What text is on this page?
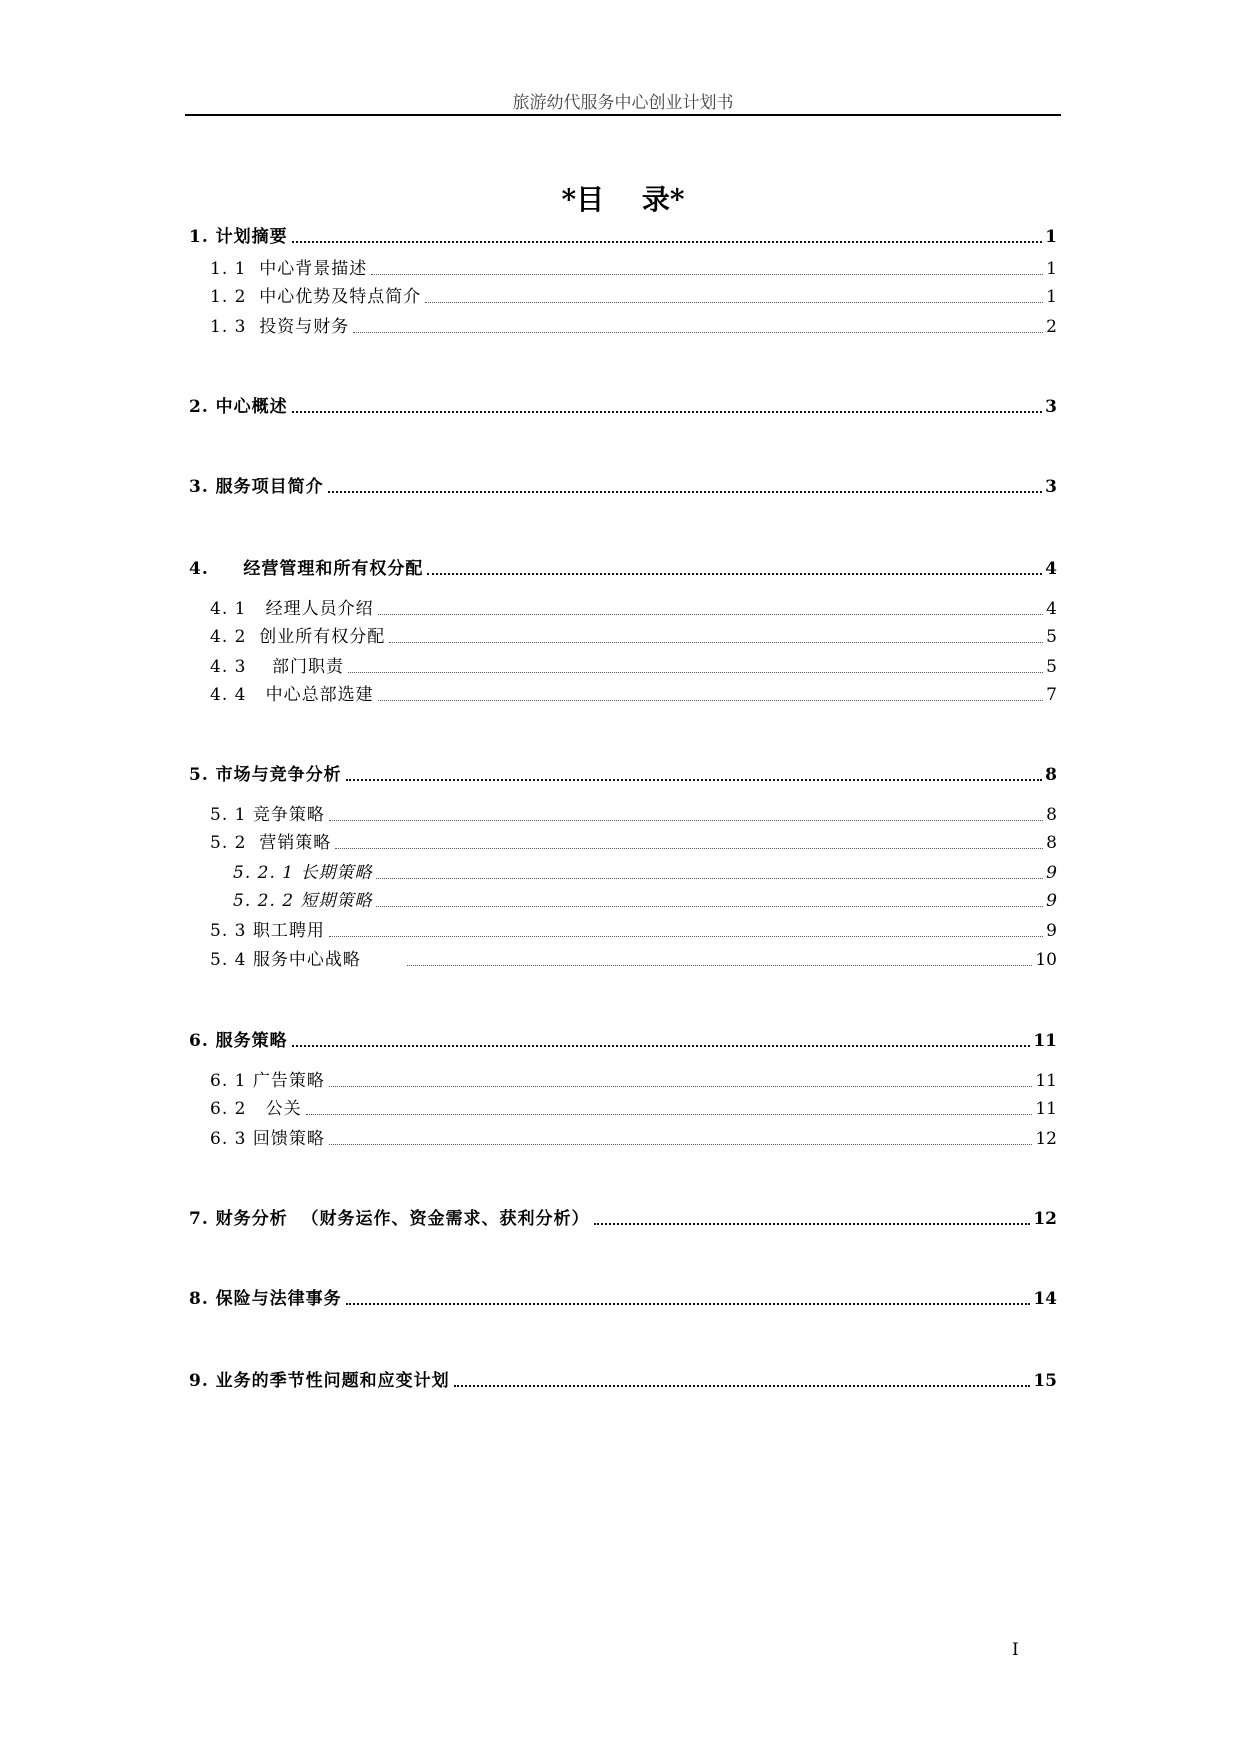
旅游幼代服务中心创业计划书
*目　 录*
1. 计划摘要	1
1. 1  中心背景描述	1
1. 2  中心优势及特点简介	1
1. 3  投资与财务	2
2. 中心概述	3
3. 服务项目简介	3
4.     经营管理和所有权分配	4
4. 1   经理人员介绍	4
4. 2  创业所有权分配	5
4. 3    部门职责	5
4. 4   中心总部选建	7
5. 市场与竞争分析	8
5. 1 竞争策略	8
5. 2  营销策略	8
5. 2. 1 长期策略	9
5. 2. 2 短期策略	9
5. 3 职工聘用	9
5. 4 服务中心战略	10
6. 服务策略	11
6. 1 广告策略	11
6. 2   公关	11
6. 3 回馈策略	12
7. 财务分析  （财务运作、资金需求、获利分析）	12
8. 保险与法律事务	14
9. 业务的季节性问题和应变计划	15
I
